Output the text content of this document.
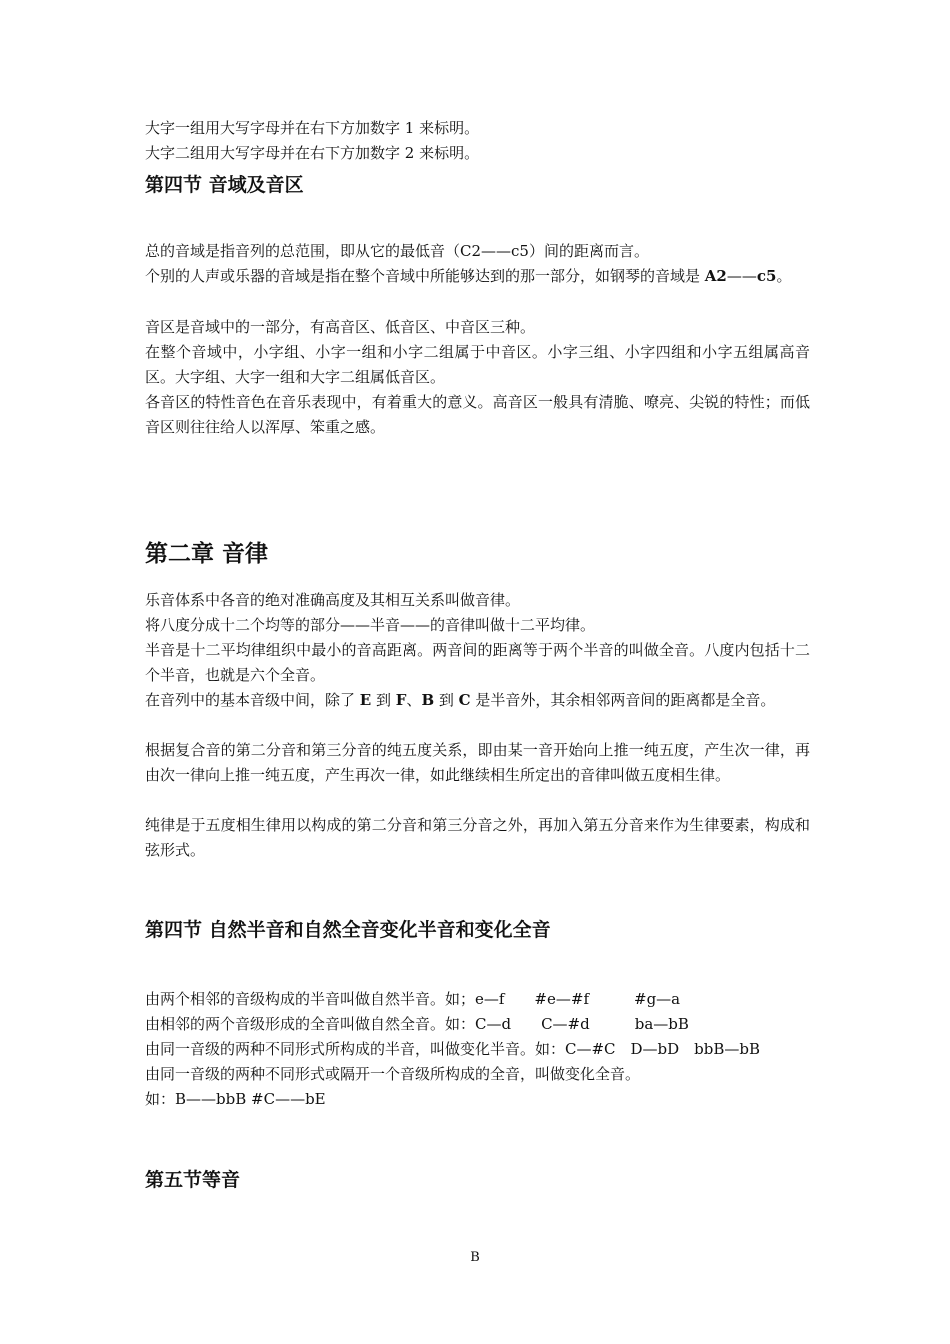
大字一组用大写字母并在右下方加数字 1 来标明。

大字二组用大写字母并在右下方加数字 2 来标明。

第四节 音域及音区

总的音域是指音列的总范围，即从它的最低音（C2——c5）间的距离而言。

个别的人声或乐器的音域是指在整个音域中所能够达到的那一部分，如钢琴的音域是 A2——c5。

音区是音域中的一部分，有高音区、低音区、中音区三种。

在整个音域中，小字组、小字一组和小字二组属于中音区。小字三组、小字四组和小字五组属高音区。大字组、大字一组和大字二组属低音区。

各音区的特性音色在音乐表现中，有着重大的意义。高音区一般具有清脆、嘹亮、尖锐的特性；而低音区则往往给人以浑厚、笨重之感。

第二章 音律

乐音体系中各音的绝对准确高度及其相互关系叫做音律。

将八度分成十二个均等的部分——半音——的音律叫做十二平均律。

半音是十二平均律组织中最小的音高距离。两音间的距离等于两个半音的叫做全音。八度内包括十二个半音，也就是六个全音。

在音列中的基本音级中间，除了 E 到 F、B 到 C 是半音外，其余相邻两音间的距离都是全音。

根据复合音的第二分音和第三分音的纯五度关系，即由某一音开始向上推一纯五度，产生次一律，再由次一律向上推一纯五度，产生再次一律，如此继续相生所定出的音律叫做五度相生律。

纯律是于五度相生律用以构成的第二分音和第三分音之外，再加入第五分音来作为生律要素，构成和弦形式。

第四节 自然半音和自然全音变化半音和变化全音

由两个相邻的音级构成的半音叫做自然半音。如；e—f　　#e—#f　　　#g—a

由相邻的两个音级形成的全音叫做自然全音。如：C—d　　C—#d　　　ba—bB

由同一音级的两种不同形式所构成的半音，叫做变化半音。如：C—#C　D—bD　bbB—bB

由同一音级的两种不同形式或隔开一个音级所构成的全音，叫做变化全音。

如：B——bbB #C——bE

第五节等音
B
